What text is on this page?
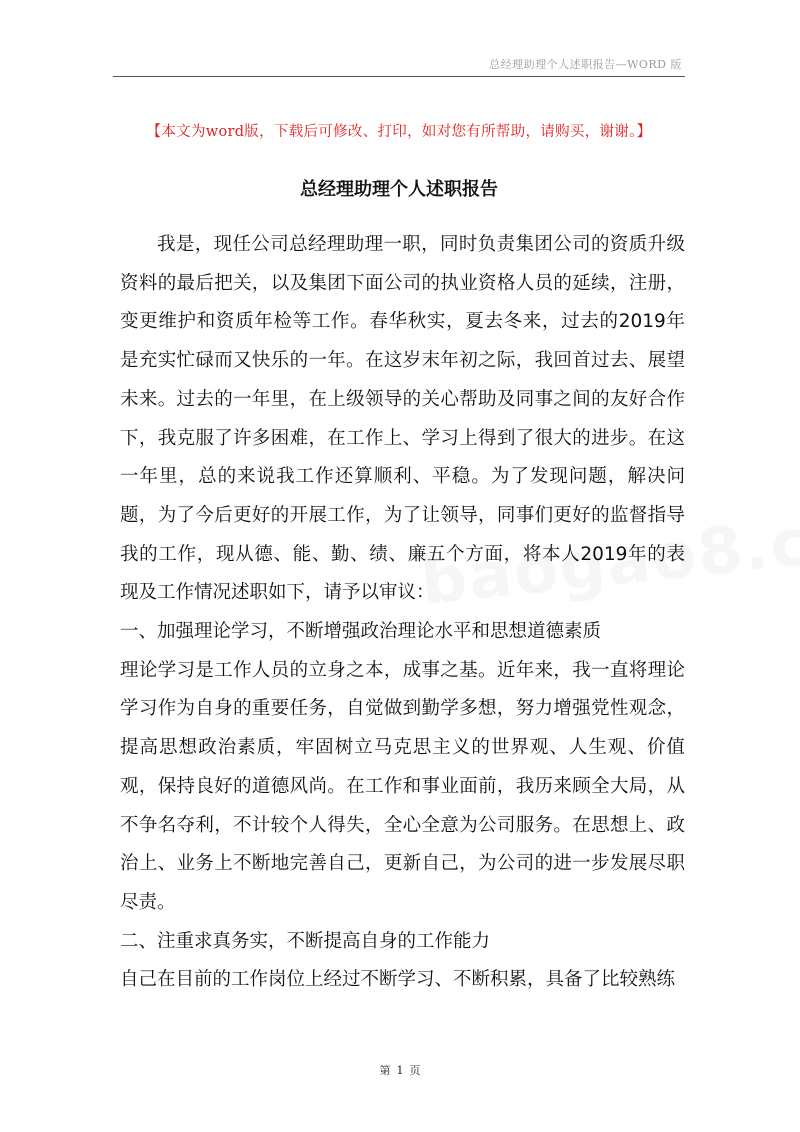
总经理助理个人述职报告—WORD 版
【本文为word版，下载后可修改、打印，如对您有所帮助，请购买，谢谢。】
总经理助理个人述职报告

我是，现任公司总经理助理一职，同时负责集团公司的资质升级资料的最后把关，以及集团下面公司的执业资格人员的延续，注册，变更维护和资质年检等工作。春华秋实，夏去冬来，过去的2019年是充实忙碌而又快乐的一年。在这岁末年初之际，我回首过去、展望未来。过去的一年里，在上级领导的关心帮助及同事之间的友好合作下，我克服了许多困难，在工作上、学习上得到了很大的进步。在这一年里，总的来说我工作还算顺利、平稳。为了发现问题，解决问题，为了今后更好的开展工作，为了让领导，同事们更好的监督指导我的工作，现从德、能、勤、绩、廉五个方面，将本人2019年的表现及工作情况述职如下，请予以审议：

一、加强理论学习，不断增强政治理论水平和思想道德素质

理论学习是工作人员的立身之本，成事之基。近年来，我一直将理论学习作为自身的重要任务，自觉做到勤学多想，努力增强党性观念，提高思想政治素质，牢固树立马克思主义的世界观、人生观、价值观，保持良好的道德风尚。在工作和事业面前，我历来顾全大局，从不争名夺利，不计较个人得失，全心全意为公司服务。在思想上、政治上、业务上不断地完善自己，更新自己，为公司的进一步发展尽职尽责。

二、注重求真务实，不断提高自身的工作能力

自己在目前的工作岗位上经过不断学习、不断积累，具备了比较熟练

第 1 页
